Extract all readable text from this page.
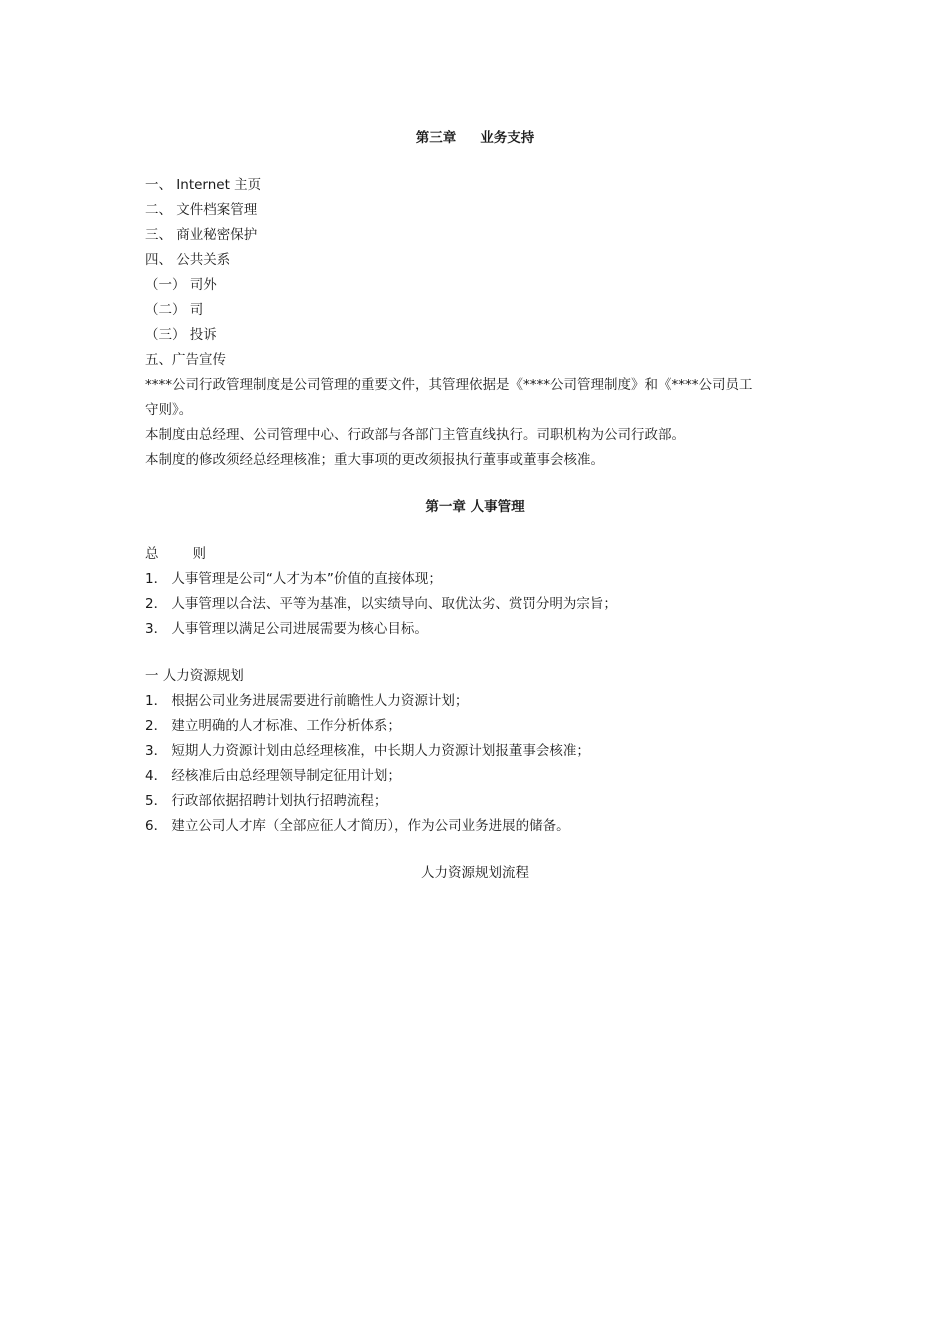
第三章 业务支持
一、 Internet 主页
二、 文件档案管理
三、 商业秘密保护
四、 公共关系
（一） 司外
（二） 司
（三） 投诉
五、广告宣传
****公司行政管理制度是公司管理的重要文件，其管理依据是《****公司管理制度》和《****公司员工
守则》。
本制度由总经理、公司管理中心、行政部与各部门主管直线执行。司职机构为公司行政部。
本制度的修改须经总经理核准；重大事项的更改须报执行董事或董事会核准。
第一章 人事管理
总	则
1． 人事管理是公司“人才为本”价值的直接体现；
2． 人事管理以合法、平等为基准，以实绩导向、取优汰劣、赏罚分明为宗旨；
3． 人事管理以满足公司进展需要为核心目标。
一 人力资源规划
1． 根据公司业务进展需要进行前瞻性人力资源计划；
2． 建立明确的人才标准、工作分析体系；
3． 短期人力资源计划由总经理核准，中长期人力资源计划报董事会核准；
4． 经核准后由总经理领导制定征用计划；
5． 行政部依据招聘计划执行招聘流程；
6． 建立公司人才库（全部应征人才简历），作为公司业务进展的储备。
人力资源规划流程
